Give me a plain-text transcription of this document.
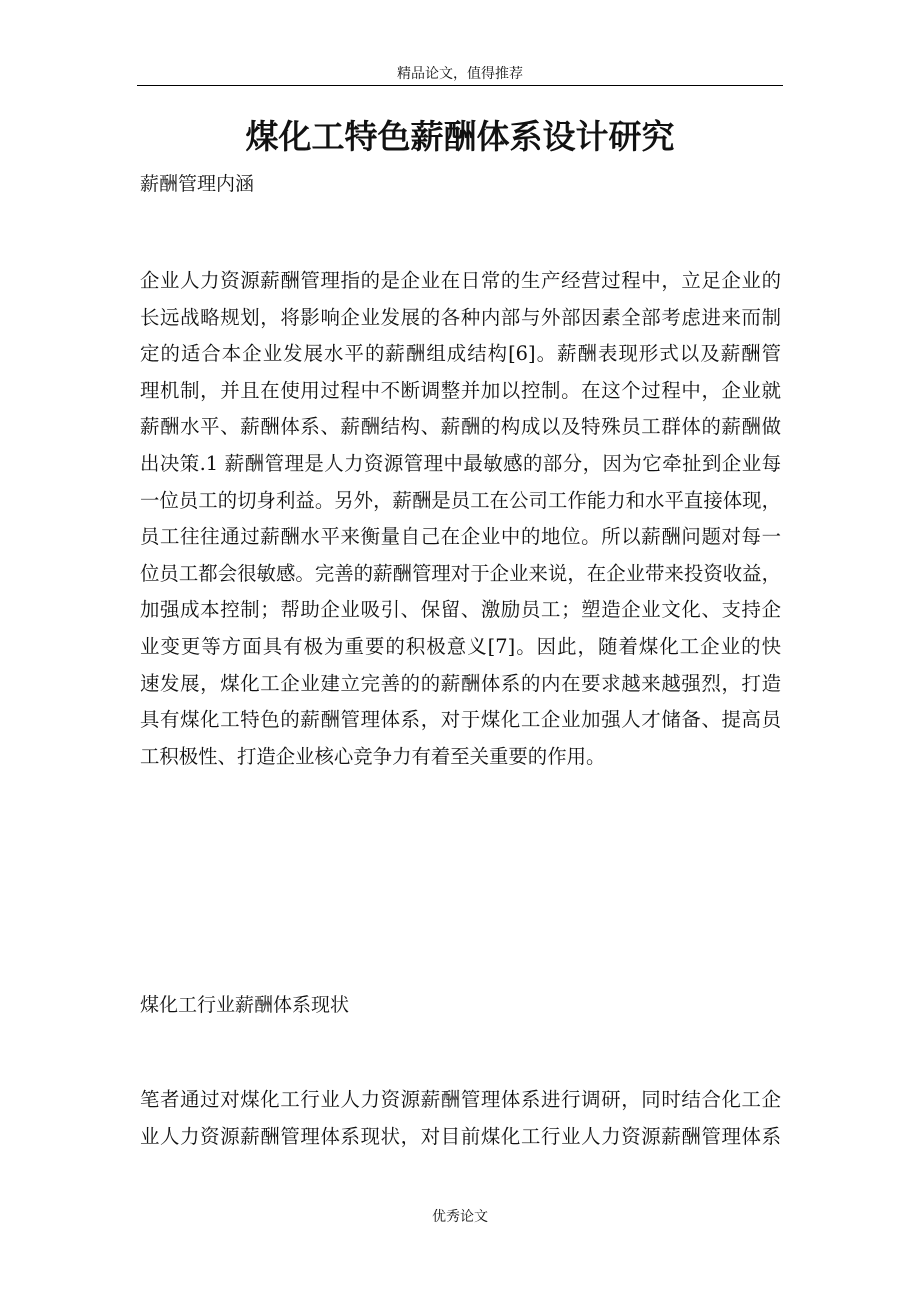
精品论文，值得推荐
煤化工特色薪酬体系设计研究
薪酬管理内涵
企业人力资源薪酬管理指的是企业在日常的生产经营过程中，立足企业的
长远战略规划，将影响企业发展的各种内部与外部因素全部考虑进来而制
定的适合本企业发展水平的薪酬组成结构[6]。薪酬表现形式以及薪酬管
理机制，并且在使用过程中不断调整并加以控制。在这个过程中，企业就
薪酬水平、薪酬体系、薪酬结构、薪酬的构成以及特殊员工群体的薪酬做
出决策.1 薪酬管理是人力资源管理中最敏感的部分，因为它牵扯到企业每
一位员工的切身利益。另外，薪酬是员工在公司工作能力和水平直接体现，
员工往往通过薪酬水平来衡量自己在企业中的地位。所以薪酬问题对每一
位员工都会很敏感。完善的薪酬管理对于企业来说，在企业带来投资收益，
加强成本控制；帮助企业吸引、保留、激励员工；塑造企业文化、支持企
业变更等方面具有极为重要的积极意义[7]。因此，随着煤化工企业的快
速发展，煤化工企业建立完善的的薪酬体系的内在要求越来越强烈，打造
具有煤化工特色的薪酬管理体系，对于煤化工企业加强人才储备、提高员
工积极性、打造企业核心竞争力有着至关重要的作用。
煤化工行业薪酬体系现状
笔者通过对煤化工行业人力资源薪酬管理体系进行调研，同时结合化工企
业人力资源薪酬管理体系现状，对目前煤化工行业人力资源薪酬管理体系
优秀论文
